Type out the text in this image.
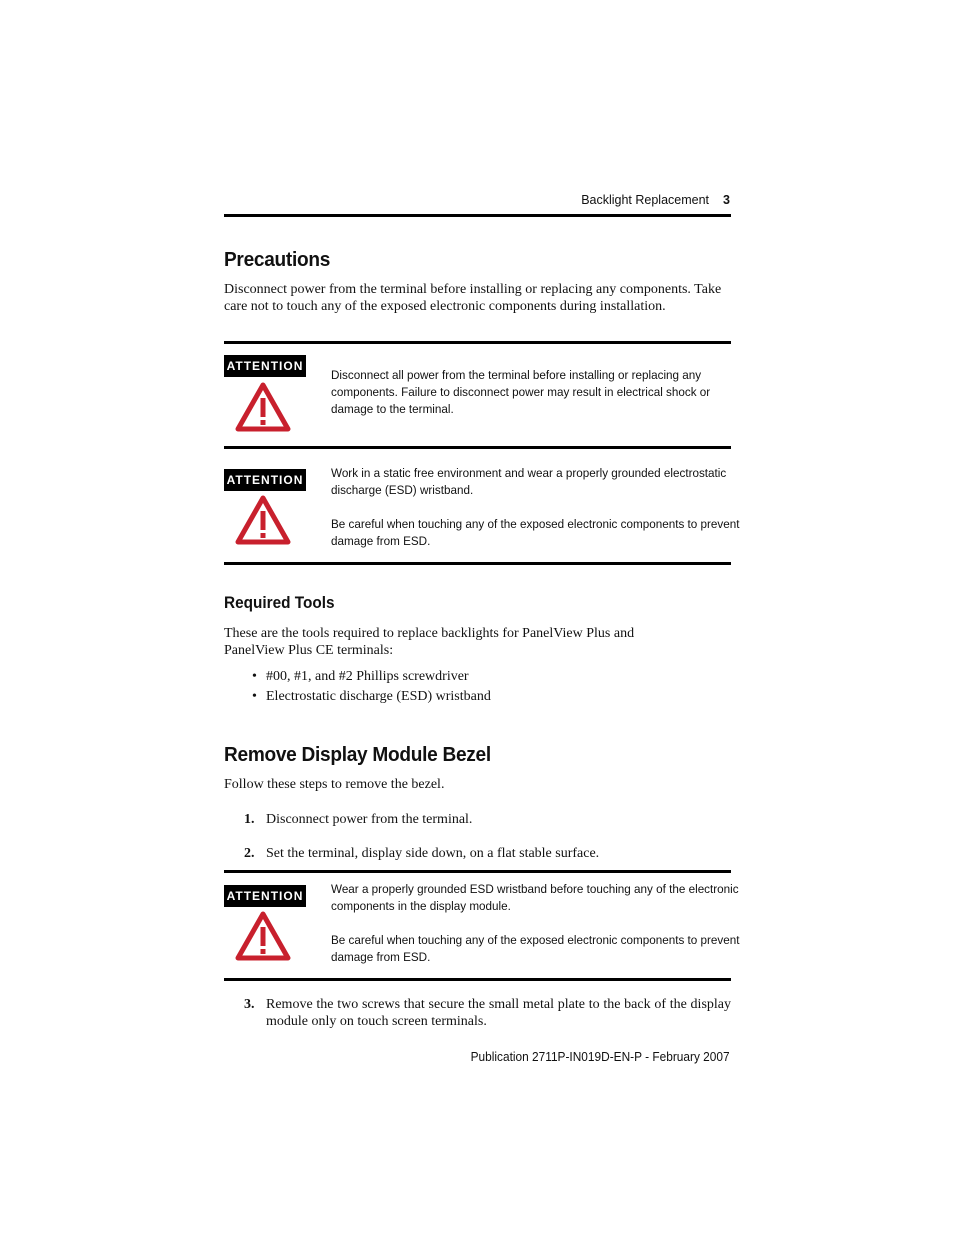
Backlight Replacement 3
Precautions
Disconnect power from the terminal before installing or replacing any components. Take care not to touch any of the exposed electronic components during installation.
ATTENTION

Disconnect all power from the terminal before installing or replacing any
components. Failure to disconnect power may result in electrical shock or
damage to the terminal.

ATTENTION Work in a static free environment and wear a properly grounded electrostatic
discharge (ESD) wristband.

Be careful when touching any of the exposed electronic components to prevent
damage from ESD.

Required Tools
These are the tools required to replace backlights for PanelView Plus and PanelView Plus CE terminals:
• #00, #1, and #2 Phillips screwdriver
• Electrostatic discharge (ESD) wristband
Remove Display Module Bezel
Follow these steps to remove the bezel.
1. Disconnect power from the terminal.
2. Set the terminal, display side down, on a flat stable surface.
ATTENTION Wear a properly grounded ESD wristband before touching any of the electronic
components in the display module.

Be careful when touching any of the exposed electronic components to prevent
damage from ESD.

3. Remove the two screws that secure the small metal plate to the back of the display module only on touch screen terminals.
Publication 2711P-IN019D-EN-P - February 2007
